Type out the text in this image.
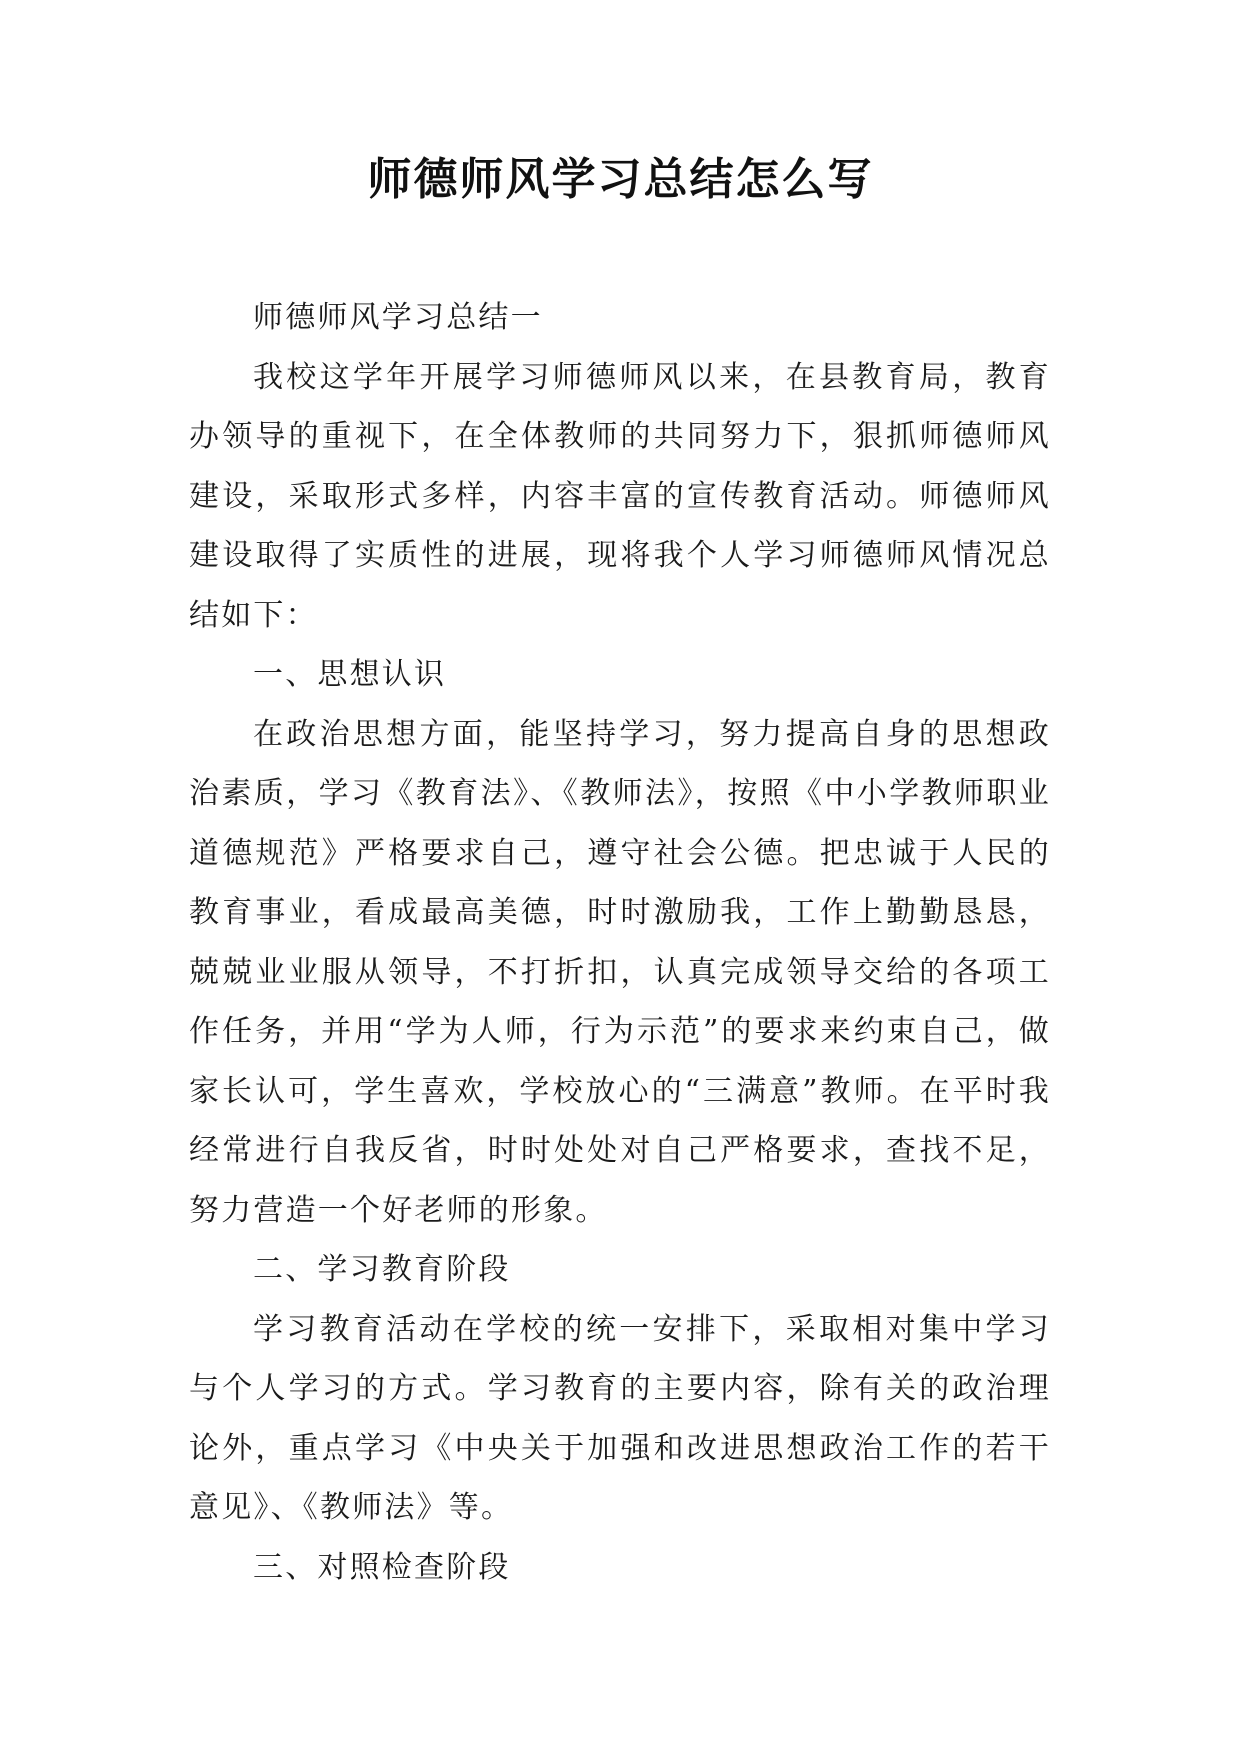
师德师风学习总结怎么写

师德师风学习总结一

我校这学年开展学习师德师风以来，在县教育局，教育办领导的重视下，在全体教师的共同努力下，狠抓师德师风建设，采取形式多样，内容丰富的宣传教育活动。师德师风建设取得了实质性的进展，现将我个人学习师德师风情况总结如下：

一、思想认识

在政治思想方面，能坚持学习，努力提高自身的思想政治素质，学习《教育法》、《教师法》，按照《中小学教师职业道德规范》严格要求自己，遵守社会公德。把忠诚于人民的教育事业，看成最高美德，时时激励我，工作上勤勤恳恳，兢兢业业服从领导，不打折扣，认真完成领导交给的各项工作任务，并用“学为人师，行为示范”的要求来约束自己，做家长认可，学生喜欢，学校放心的“三满意”教师。在平时我经常进行自我反省，时时处处对自己严格要求，查找不足，努力营造一个好老师的形象。

二、学习教育阶段

学习教育活动在学校的统一安排下，采取相对集中学习与个人学习的方式。学习教育的主要内容，除有关的政治理论外，重点学习《中央关于加强和改进思想政治工作的若干意见》、《教师法》等。

三、对照检查阶段
